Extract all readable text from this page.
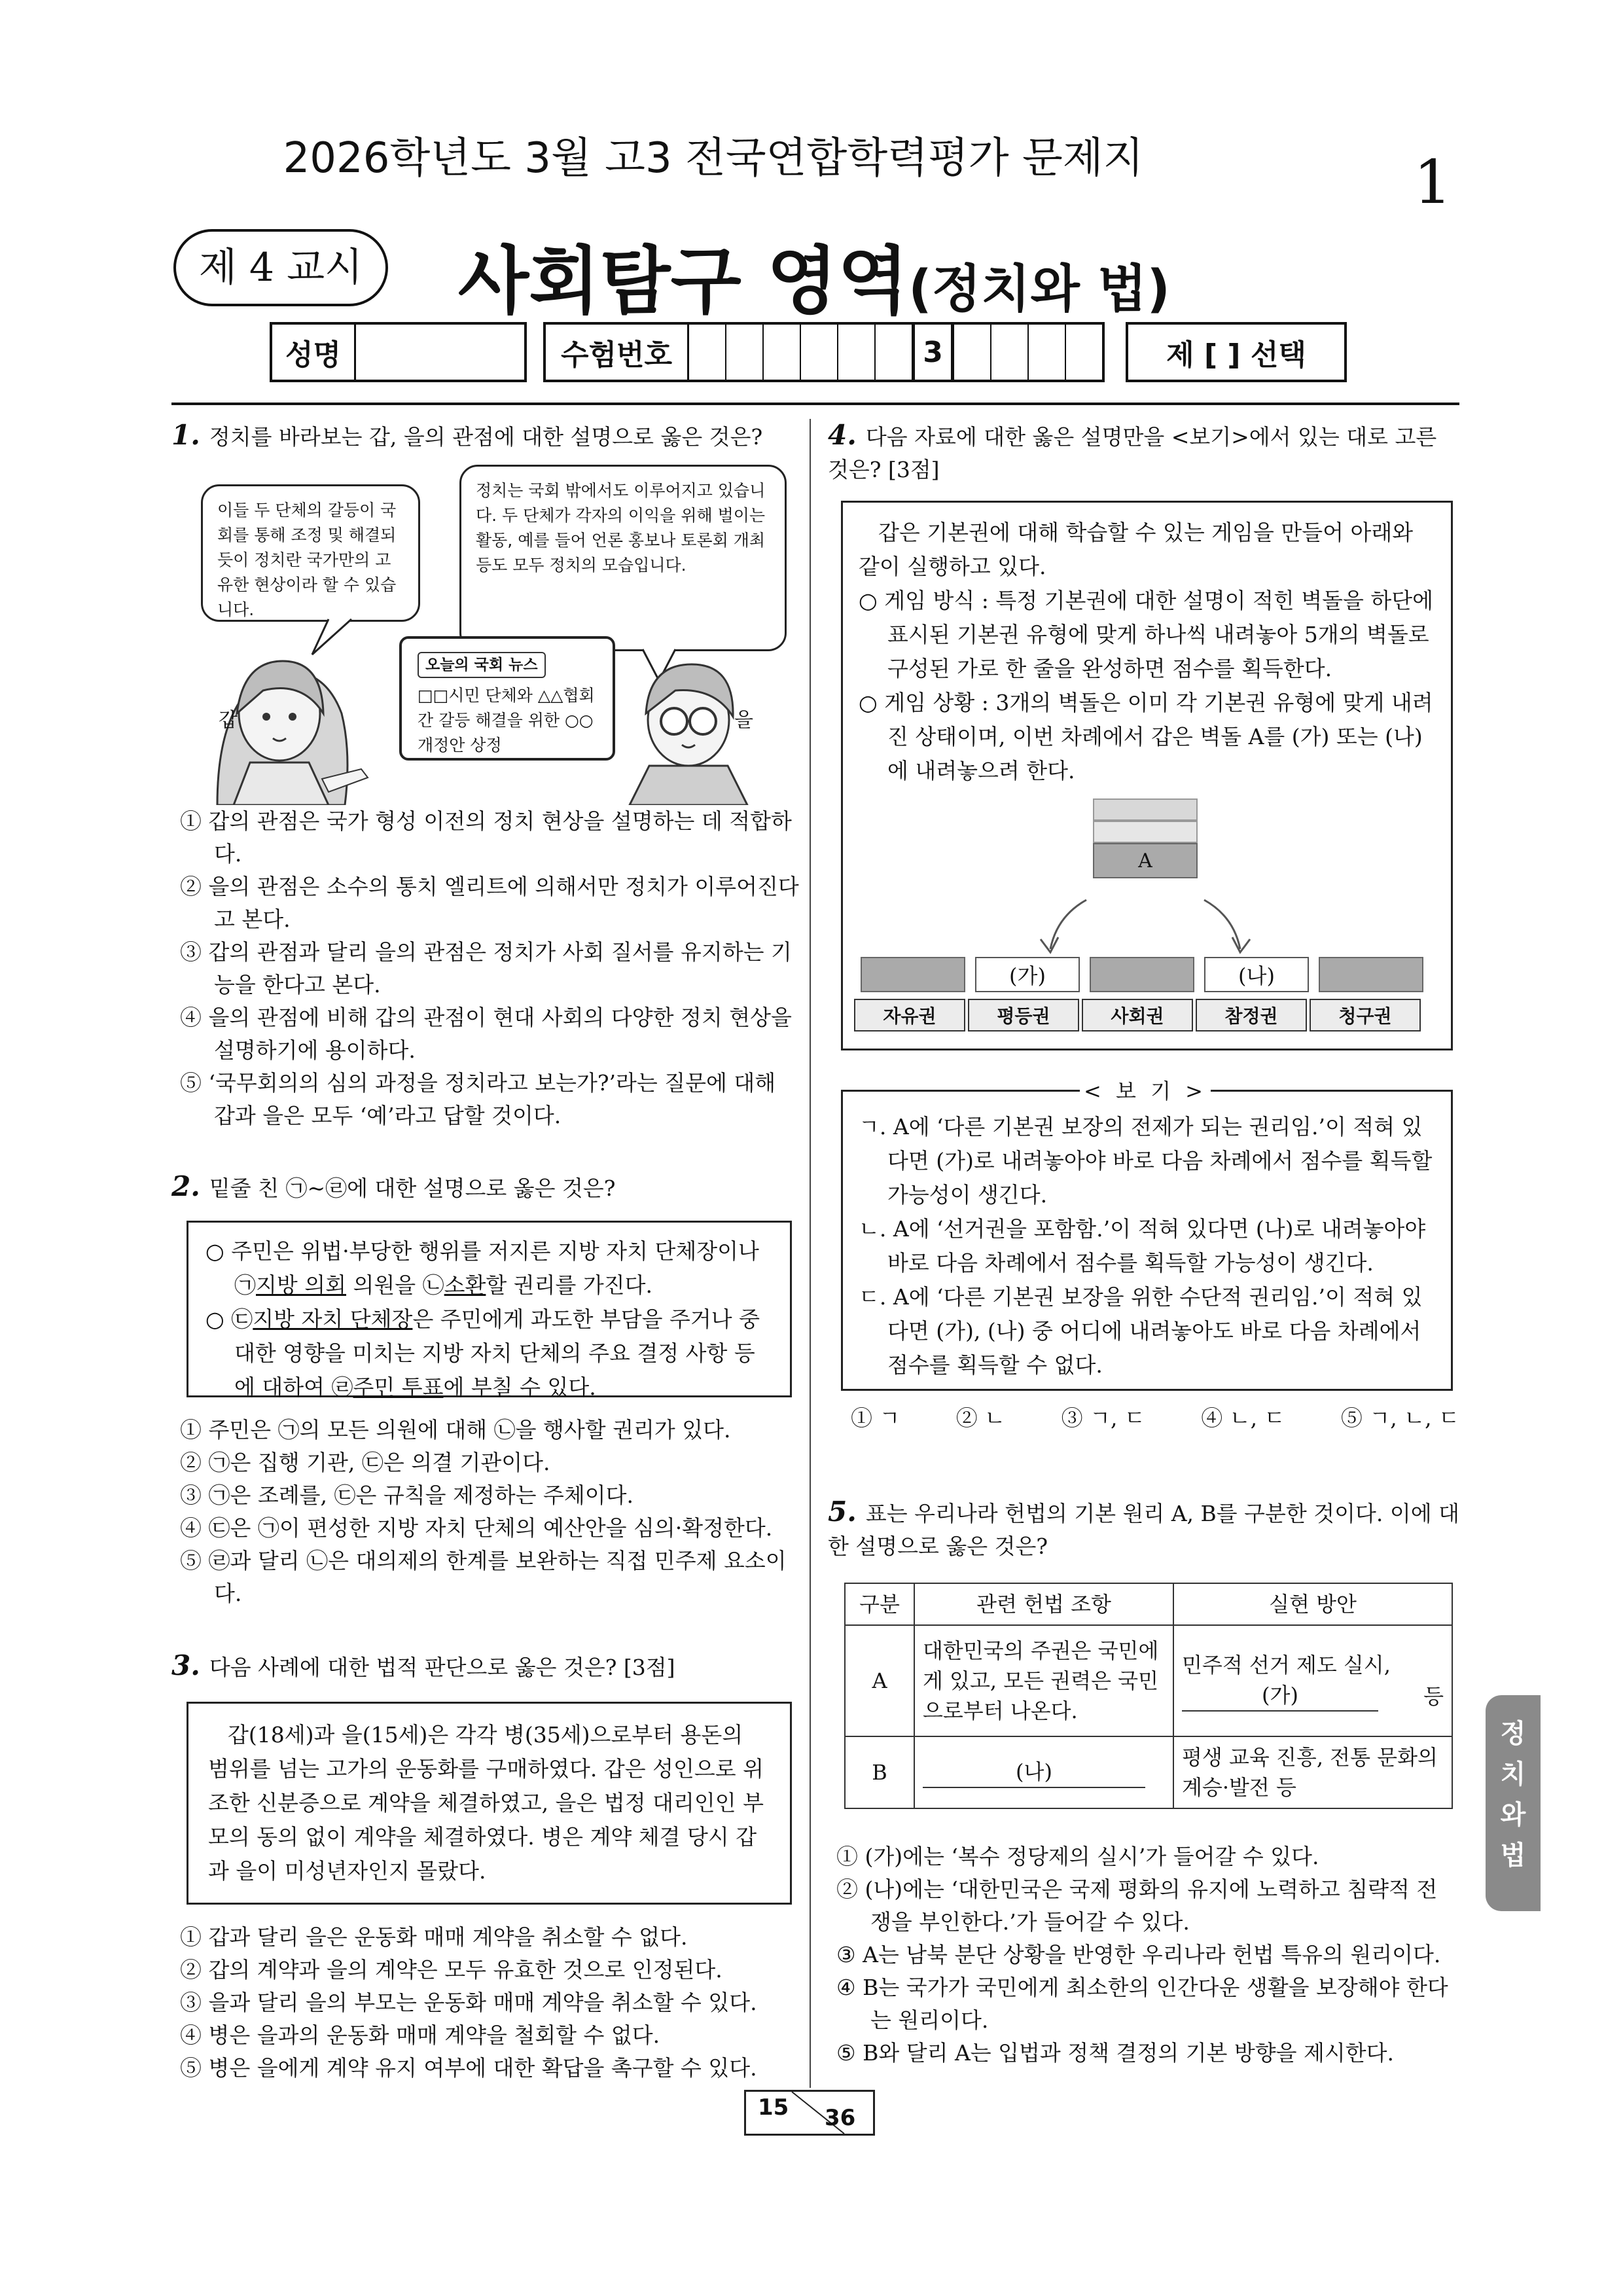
2026학년도 3월 고3 전국연합학력평가 문제지	1
제 4 교시	사회탐구 영역(정치와 법)
성명	수험번호	3	제 [ ] 선택
1. 정치를 바라보는 갑, 을의 관점에 대한 설명으로 옳은 것은?
이들 두 단체의 갈등이 국회를 통해 조정 및 해결되듯이 정치란 국가만의 고유한 현상이라 할 수 있습니다.
정치는 국회 밖에서도 이루어지고 있습니다. 두 단체가 각자의 이익을 위해 벌이는 활동, 예를 들어 언론 홍보나 토론회 개최 등도 모두 정치의 모습입니다.
오늘의 국회 뉴스
□□시민 단체와 △△협회 간 갈등 해결을 위한 ○○개정안 상정
갑	을
① 갑의 관점은 국가 형성 이전의 정치 현상을 설명하는 데 적합하다.
② 을의 관점은 소수의 통치 엘리트에 의해서만 정치가 이루어진다고 본다.
③ 갑의 관점과 달리 을의 관점은 정치가 사회 질서를 유지하는 기능을 한다고 본다.
④ 을의 관점에 비해 갑의 관점이 현대 사회의 다양한 정치 현상을 설명하기에 용이하다.
⑤ ‘국무회의의 심의 과정을 정치라고 보는가?’라는 질문에 대해 갑과 을은 모두 ‘예’라고 답할 것이다.
2. 밑줄 친 ㉠~㉣에 대한 설명으로 옳은 것은?
○ 주민은 위법·부당한 행위를 저지른 지방 자치 단체장이나 ㉠지방 의회 의원을 ㉡소환할 권리를 가진다.
○ ㉢지방 자치 단체장은 주민에게 과도한 부담을 주거나 중대한 영향을 미치는 지방 자치 단체의 주요 결정 사항 등에 대하여 ㉣주민 투표에 부칠 수 있다.
① 주민은 ㉠의 모든 의원에 대해 ㉡을 행사할 권리가 있다.
② ㉠은 집행 기관, ㉢은 의결 기관이다.
③ ㉠은 조례를, ㉢은 규칙을 제정하는 주체이다.
④ ㉢은 ㉠이 편성한 지방 자치 단체의 예산안을 심의·확정한다.
⑤ ㉣과 달리 ㉡은 대의제의 한계를 보완하는 직접 민주제 요소이다.
3. 다음 사례에 대한 법적 판단으로 옳은 것은? [3점]
갑(18세)과 을(15세)은 각각 병(35세)으로부터 용돈의 범위를 넘는 고가의 운동화를 구매하였다. 갑은 성인으로 위조한 신분증으로 계약을 체결하였고, 을은 법정 대리인인 부모의 동의 없이 계약을 체결하였다. 병은 계약 체결 당시 갑과 을이 미성년자인지 몰랐다.
① 갑과 달리 을은 운동화 매매 계약을 취소할 수 없다.
② 갑의 계약과 을의 계약은 모두 유효한 것으로 인정된다.
③ 을과 달리 을의 부모는 운동화 매매 계약을 취소할 수 있다.
④ 병은 을과의 운동화 매매 계약을 철회할 수 없다.
⑤ 병은 을에게 계약 유지 여부에 대한 확답을 촉구할 수 있다.
4. 다음 자료에 대한 옳은 설명만을 <보기>에서 있는 대로 고른 것은? [3점]
갑은 기본권에 대해 학습할 수 있는 게임을 만들어 아래와 같이 실행하고 있다.
○ 게임 방식 : 특정 기본권에 대한 설명이 적힌 벽돌을 하단에 표시된 기본권 유형에 맞게 하나씩 내려놓아 5개의 벽돌로 구성된 가로 한 줄을 완성하면 점수를 획득한다.
○ 게임 상황 : 3개의 벽돌은 이미 각 기본권 유형에 맞게 내려진 상태이며, 이번 차례에서 갑은 벽돌 A를 (가) 또는 (나)에 내려놓으려 한다.
A
(가)	(나)
자유권	평등권	사회권	참정권	청구권
ㄱ. A에 ‘다른 기본권 보장의 전제가 되는 권리임.’이 적혀 있다면 (가)로 내려놓아야 바로 다음 차례에서 점수를 획득할 가능성이 생긴다.
ㄴ. A에 ‘선거권을 포함함.’이 적혀 있다면 (나)로 내려놓아야 바로 다음 차례에서 점수를 획득할 가능성이 생긴다.
ㄷ. A에 ‘다른 기본권 보장을 위한 수단적 권리임.’이 적혀 있다면 (가), (나) 중 어디에 내려놓아도 바로 다음 차례에서 점수를 획득할 수 없다.
< 보 기 >
① ㄱ	② ㄴ	③ ㄱ, ㄷ	④ ㄴ, ㄷ	⑤ ㄱ, ㄴ, ㄷ
5. 표는 우리나라 헌법의 기본 원리 A, B를 구분한 것이다. 이에 대한 설명으로 옳은 것은?
구분	관련 헌법 조항	실현 방안
A	대한민국의 주권은 국민에게 있고, 모든 권력은 국민으로부터 나온다.	민주적 선거 제도 실시,
(가) 등

B	(나)	평생 교육 진흥, 전통 문화의 계승·발전 등
① (가)에는 ‘복수 정당제의 실시’가 들어갈 수 있다.
② (나)에는 ‘대한민국은 국제 평화의 유지에 노력하고 침략적 전쟁을 부인한다.’가 들어갈 수 있다.
③ A는 남북 분단 상황을 반영한 우리나라 헌법 특유의 원리이다.
④ B는 국가가 국민에게 최소한의 인간다운 생활을 보장해야 한다는 원리이다.
⑤ B와 달리 A는 입법과 정책 결정의 기본 방향을 제시한다.
정치와 법
15 36
